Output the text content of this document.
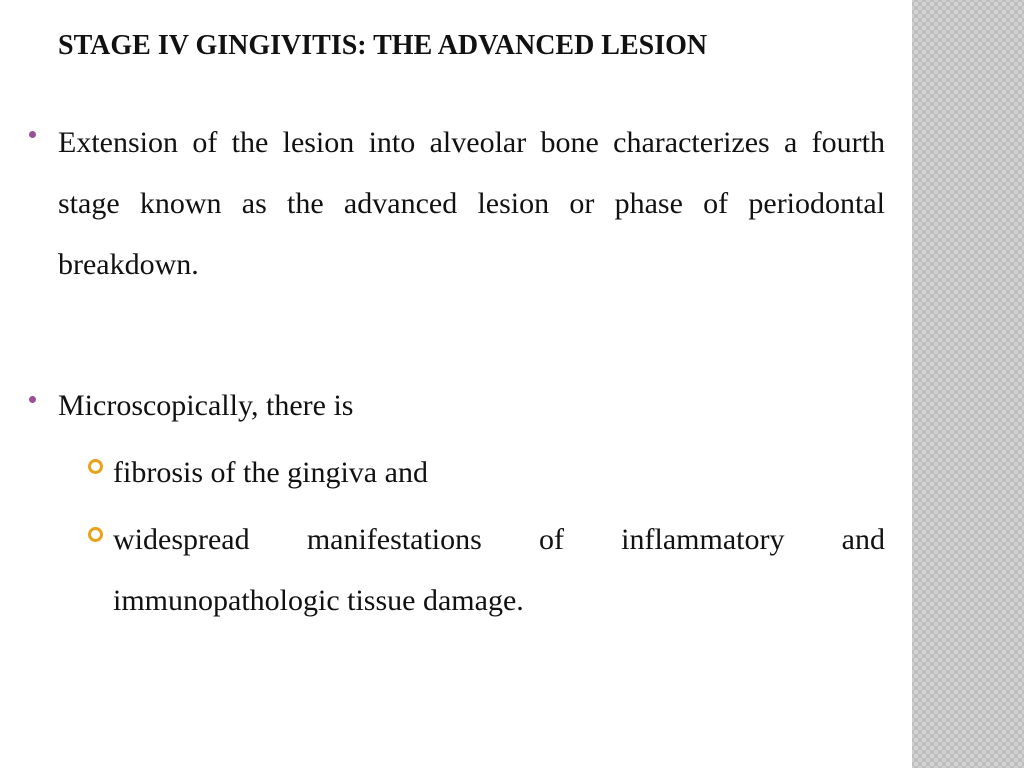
STAGE IV GINGIVITIS: THE ADVANCED LESION
Extension of the lesion into alveolar bone characterizes a fourth stage known as the advanced lesion or phase of periodontal breakdown.
Microscopically, there is
fibrosis of the gingiva and
widespread manifestations of inflammatory and immunopathologic tissue damage.
